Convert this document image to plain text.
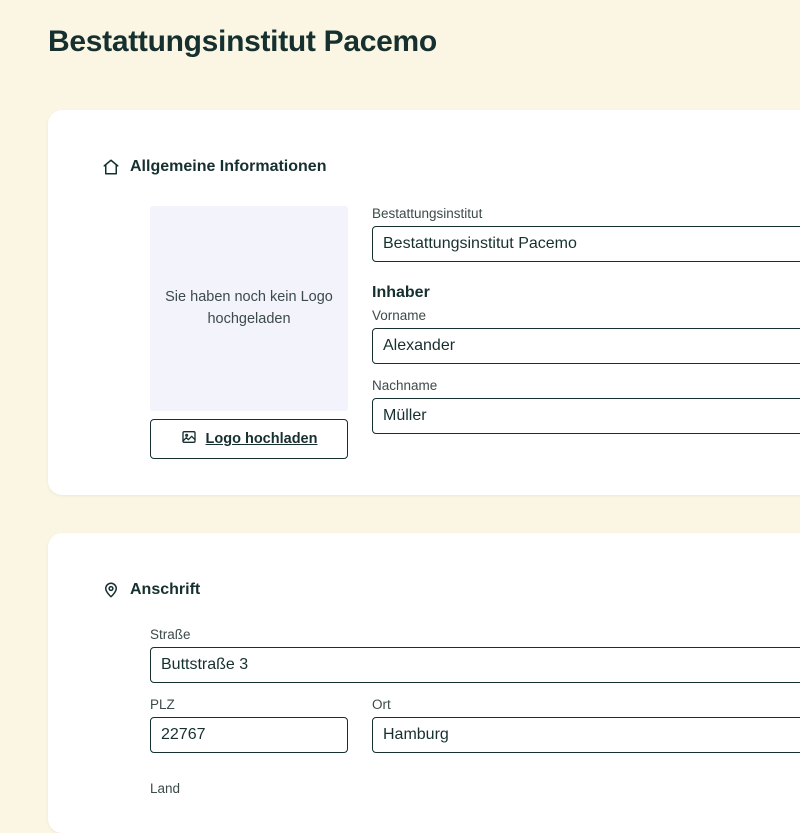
Bestattungsinstitut Pacemo
Allgemeine Informationen
Sie haben noch kein Logo hochgeladen
Logo hochladen
Bestattungsinstitut
Bestattungsinstitut Pacemo
Inhaber
Vorname
Alexander
Nachname
Müller
Anschrift
Straße
Buttstraße 3
PLZ
22767	Ort
Hamburg
Land
